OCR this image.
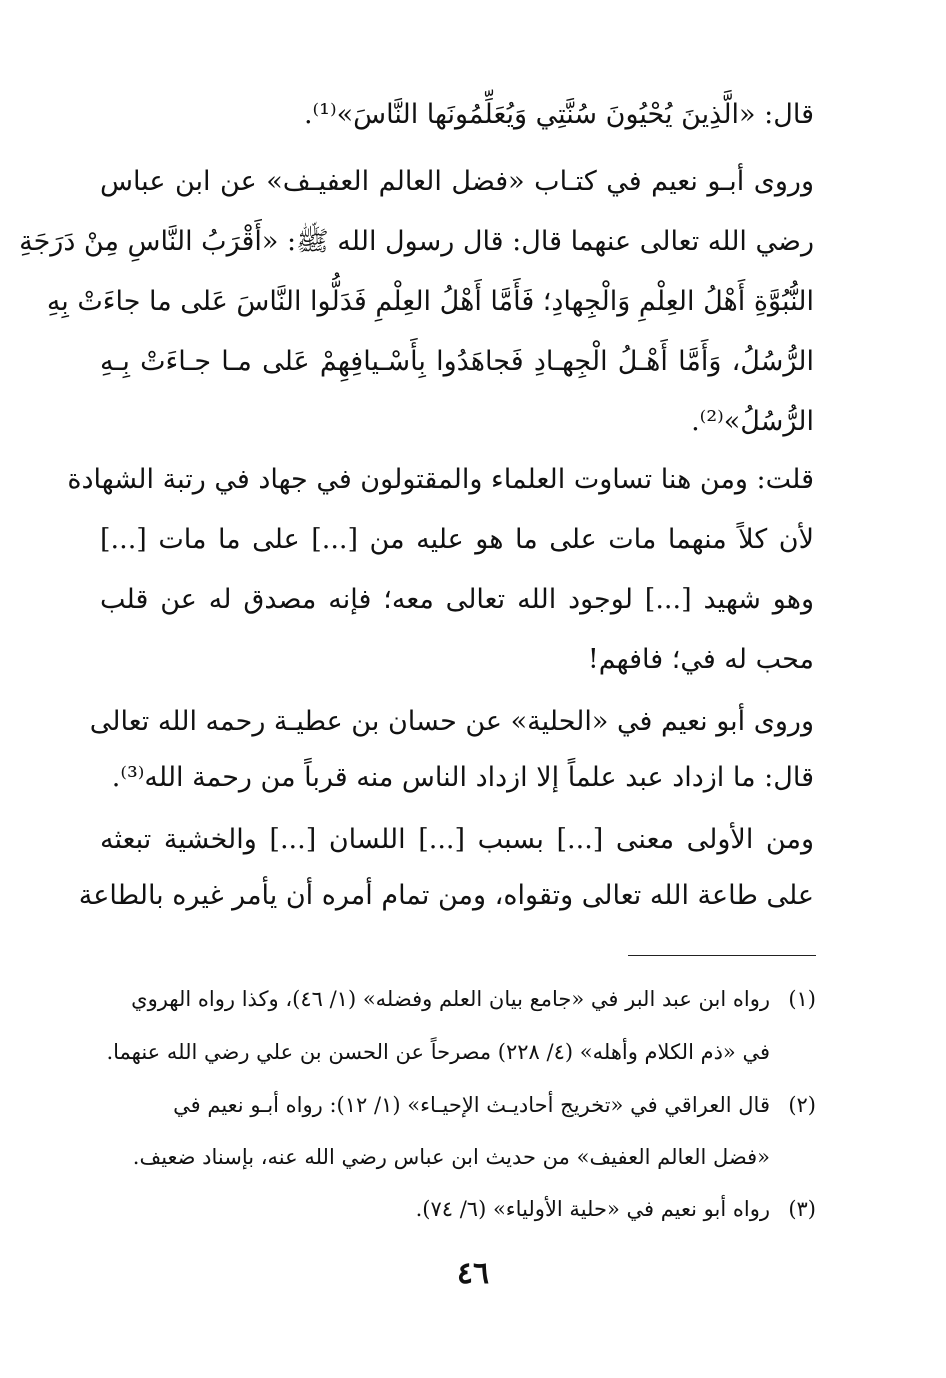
قال: «الَّذِينَ يُحْيُونَ سُنَّتِي وَيُعَلِّمُونَها النَّاسَ»⁽¹⁾.
وروى أبـو نعيم في كتـاب «فضل العالم العفيـف» عن ابن عباس
رضي الله تعالى عنهما قال: قال رسول الله ﷺ: «أَقْرَبُ النَّاسِ مِنْ دَرَجَةِ
النُّبُوَّةِ أَهْلُ العِلْمِ وَالْجِهادِ؛ فَأَمَّا أَهْلُ العِلْمِ فَدَلُّوا النَّاسَ عَلى ما جاءَتْ بِهِ
الرُّسُلُ، وَأَمَّا أَهْـلُ الْجِهـادِ فَجاهَدُوا بِأَسْـيافِهِمْ عَلى مـا جـاءَتْ بِـهِ
الرُّسُلُ»⁽²⁾.
قلت: ومن هنا تساوت العلماء والمقتولون في جهاد في رتبة الشهادة
لأن كلاً منهما مات على ما هو عليه من [...] على ما مات [...]
وهو شهيد [...] لوجود الله تعالى معه؛ فإنه مصدق له عن قلب
محب له في؛ فافهم!
وروى أبو نعيم في «الحلية» عن حسان بن عطيـة رحمه الله تعالى
قال: ما ازداد عبد علماً إلا ازداد الناس منه قرباً من رحمة الله⁽³⁾.
ومن الأولى معنى [...] بسبب [...] اللسان [...] والخشية تبعثه
على طاعة الله تعالى وتقواه، ومن تمام أمره أن يأمر غيره بالطاعة
(١)رواه ابن عبد البر في «جامع بيان العلم وفضله» (١/ ٤٦)، وكذا رواه الهروي
في «ذم الكلام وأهله» (٤/ ٢٢٨) مصرحاً عن الحسن بن علي رضي الله عنهما.
(٢)قال العراقي في «تخريج أحاديـث الإحيـاء» (١/ ١٢): رواه أبـو نعيم في
«فضل العالم العفيف» من حديث ابن عباس رضي الله عنه، بإسناد ضعيف.
(٣)رواه أبو نعيم في «حلية الأولياء» (٦/ ٧٤).
٤٦
